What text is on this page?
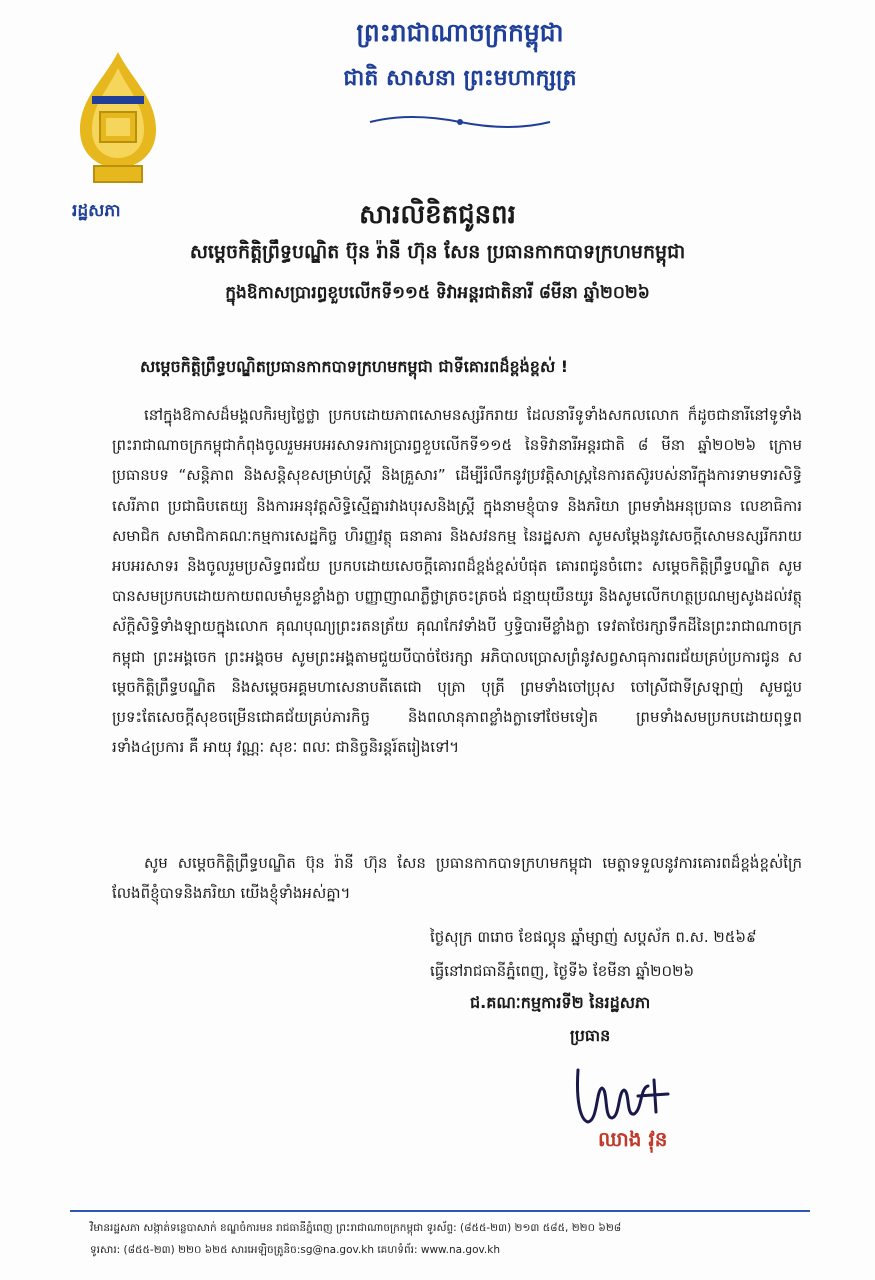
រដ្ឋសភា
ព្រះរាជាណាចក្រកម្ពុជា
ជាតិ សាសនា ព្រះមហាក្សត្រ
សារលិខិតជូនពរ
សម្តេចកិត្តិព្រឹទ្ធបណ្ឌិត ប៊ុន រ៉ានី ហ៊ុន សែន ប្រធានកាកបាទក្រហមកម្ពុជា
ក្នុងឱកាសប្រារព្ធខួបលើកទី១១៥ ទិវាអន្តរជាតិនារី ៨មីនា ឆ្នាំ២០២៦
សម្តេចកិត្តិព្រឹទ្ធបណ្ឌិតប្រធានកាកបាទក្រហមកម្ពុជា ជាទីគោរពដ៏ខ្ពង់ខ្ពស់ !
នៅក្នុងឱកាសដ៏មង្គលកិរម្យថ្លៃថ្លា ប្រកបដោយភាពសោមនស្សរីករាយ ដែលនារីទូទាំងសកលលោក ក៏ដូចជានារីនៅទូទាំងព្រះរាជាណាចក្រកម្ពុជាកំពុងចូលរួមអបអរសាទរការប្រារព្ធខួបលើកទី១១៥ នៃទិវានារីអន្តរជាតិ ៨ មីនា ឆ្នាំ២០២៦ ក្រោមប្រធានបទ “សន្តិភាព និងសន្តិសុខសម្រាប់ស្ត្រី និងគ្រួសារ” ដើម្បីរំលឹកនូវប្រវត្តិសាស្ត្រនៃការតស៊ូរបស់នារីក្នុងការទាមទារសិទ្ធិ សេរីភាព ប្រជាធិបតេយ្យ និងការអនុវត្តសិទ្ធិស្មើគ្នារវាងបុរសនិងស្ត្រី ក្នុងនាមខ្ញុំបាទ និងភរិយា ព្រមទាំងអនុប្រធាន លេខាធិការ សមាជិក សមាជិកាគណៈកម្មការសេដ្ឋកិច្ច ហិរញ្ញវត្ថុ ធនាគារ និងសវនកម្ម នៃរដ្ឋសភា សូមសម្តែងនូវសេចក្តីសោមនស្សរីករាយ អបអរសាទរ និងចូលរួមប្រសិទ្ធពរជ័យ ប្រកបដោយសេចក្តីគោរពដ៏ខ្ពង់ខ្ពស់បំផុត គោរពជូនចំពោះ សម្តេចកិត្តិព្រឹទ្ធបណ្ឌិត សូមបានសមប្រកបដោយកាយពលមាំមួនខ្លាំងក្លា បញ្ញាញាណភ្លឺថ្លាត្រចះត្រចង់ ជន្មាយុយឺនយូរ និងសូមលើកហត្ថប្រណម្យសូងដល់វត្ថុស័ក្តិសិទ្ធិទាំងឡាយក្នុងលោក គុណបុណ្យព្រះរតនត្រ័យ គុណកែវទាំងបី ឫទ្ធិបារមីខ្លាំងក្លា ទេវតាថែរក្សាទឹកដីនៃព្រះរាជាណាចក្រកម្ពុជា ព្រះអង្គចេក ព្រះអង្គចម សូមព្រះអង្គតាមជួយបីបាច់ថែរក្សា អភិបាលប្រោសព្រំនូវសព្វសាធុការពរជ័យគ្រប់ប្រការជូន សម្តេចកិត្តិព្រឹទ្ធបណ្ឌិត និងសម្តេចអគ្គមហាសេនាបតីតេជោ បុត្រា បុត្រី ព្រមទាំងចៅប្រុស ចៅស្រីជាទីស្រឡាញ់ សូមជួបប្រទះតែសេចក្តីសុខចម្រើនជោគជ័យគ្រប់ភារកិច្ច និងពលានុភាពខ្លាំងក្លាទៅថែមទៀត ព្រមទាំងសមប្រកបដោយពុទ្ធពរទាំង៤ប្រការ គឺ អាយុ វណ្ណៈ សុខៈ ពលៈ ជានិច្ចនិរន្តរ៍តរៀងទៅ។
សូម សម្តេចកិត្តិព្រឹទ្ធបណ្ឌិត ប៊ុន រ៉ានី ហ៊ុន សែន ប្រធានកាកបាទក្រហមកម្ពុជា មេត្តាទទួលនូវការគោរពដ៏ខ្ពង់ខ្ពស់ក្រៃលែងពីខ្ញុំបាទនិងភរិយា យើងខ្ញុំទាំងអស់គ្នា។
ថ្ងៃសុក្រ ៣រោច ខែផល្គុន ឆ្នាំម្សាញ់ សប្តស័ក ព.ស. ២៥៦៩
ធ្វើនៅរាជធានីភ្នំពេញ, ថ្ងៃទី៦ ខែមីនា ឆ្នាំ២០២៦
ជ.គណៈកម្មការទី២ នៃរដ្ឋសភា
ប្រធាន
ឈាង វុន
វិមានរដ្ឋសភា សង្កាត់ទន្លេបាសាក់ ខណ្ឌចំការមន រាជធានីភ្នំពេញ ព្រះរាជាណាចក្រកម្ពុជា ទូរស័ព្ទ: (៨៥៥-២៣) ២១៣ ៥៨៥, ២២០ ៦២៨
ទូរសារ: (៨៥៥-២៣) ២២០ ៦២៥ សារអេឡិចត្រូនិច:sg@na.gov.kh គេហទំព័រ: www.na.gov.kh
